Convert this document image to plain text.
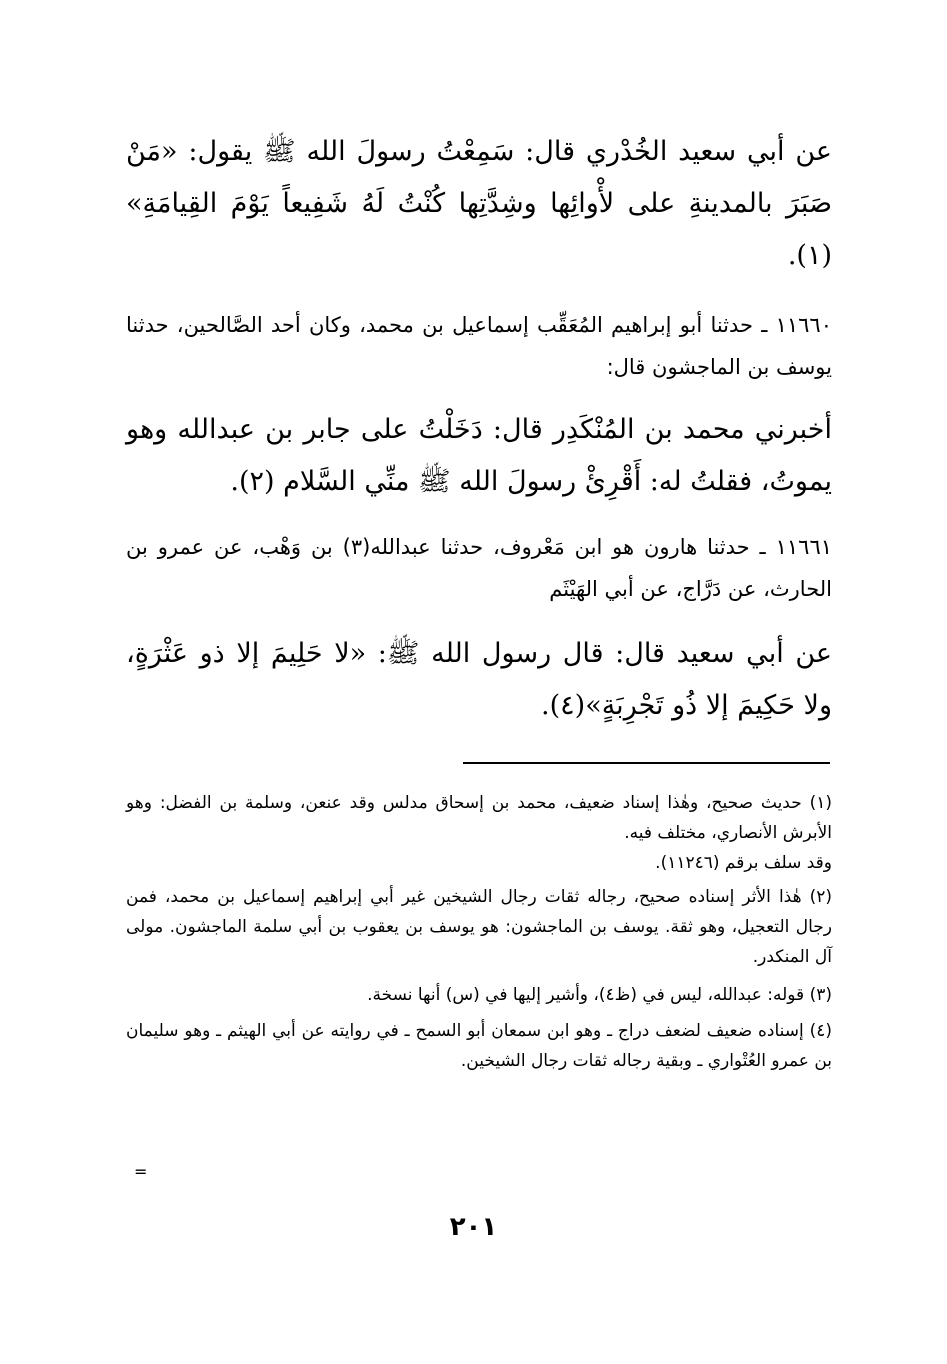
عن أبي سعيد الخُدْري قال: سَمِعْتُ رسولَ الله ﷺ يقول: «مَنْ صَبَرَ بالمدينةِ على لأْوائِها وشِدَّتِها كُنْتُ لَهُ شَفِيعاً يَوْمَ القِيامَةِ» (١).

١١٦٦٠ ـ حدثنا أبو إبراهيم المُعَقِّب إسماعيل بن محمد، وكان أحد الصَّالحين، حدثنا يوسف بن الماجشون قال:

أخبرني محمد بن المُنْكَدِر قال: دَخَلْتُ على جابر بن عبدالله وهو يموتُ، فقلتُ له: أَقْرِئْ رسولَ الله ﷺ منِّي السَّلام (٢).

١١٦٦١ ـ حدثنا هارون هو ابن مَعْروف، حدثنا عبدالله(٣) بن وَهْب، عن عمرو بن الحارث، عن دَرَّاج، عن أبي الهَيْثَم

عن أبي سعيد قال: قال رسول الله ﷺ: «لا حَلِيمَ إلا ذو عَثْرَةٍ، ولا حَكِيمَ إلا ذُو تَجْرِبَةٍ»(٤).

(١) حديث صحيح، وهٰذا إسناد ضعيف، محمد بن إسحاق مدلس وقد عنعن، وسلمة بن الفضل: وهو الأبرش الأنصاري، مختلف فيه.

وقد سلف برقم (١١٢٤٦).

(٢) هٰذا الأثر إسناده صحيح، رجاله ثقات رجال الشيخين غير أبي إبراهيم إسماعيل بن محمد، فمن رجال التعجيل، وهو ثقة. يوسف بن الماجشون: هو يوسف بن يعقوب بن أبي سلمة الماجشون. مولى آل المنكدر.

(٣) قوله: عبدالله، ليس في (ظ٤)، وأشير إليها في (س) أنها نسخة.

(٤) إسناده ضعيف لضعف دراج ـ وهو ابن سمعان أبو السمح ـ في روايته عن أبي الهيثم ـ وهو سليمان بن عمرو العُتْواري ـ وبقية رجاله ثقات رجال الشيخين.

=
٢٠١
